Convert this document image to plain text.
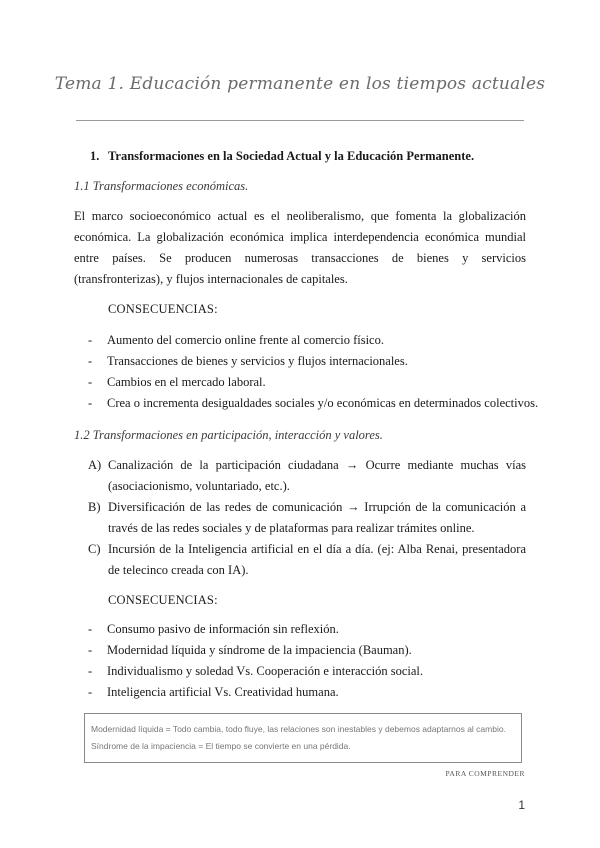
Tema 1. Educación permanente en los tiempos actuales
1. Transformaciones en la Sociedad Actual y la Educación Permanente.
1.1 Transformaciones económicas.
El marco socioeconómico actual es el neoliberalismo, que fomenta la globalización económica. La globalización económica implica interdependencia económica mundial entre países. Se producen numerosas transacciones de bienes y servicios (transfronterizas), y flujos internacionales de capitales.
CONSECUENCIAS:
- Aumento del comercio online frente al comercio físico.
- Transacciones de bienes y servicios y flujos internacionales.
- Cambios en el mercado laboral.
- Crea o incrementa desigualdades sociales y/o económicas en determinados colectivos.
1.2 Transformaciones en participación, interacción y valores.
A) Canalización de la participación ciudadana → Ocurre mediante muchas vías (asociacionismo, voluntariado, etc.).
B) Diversificación de las redes de comunicación → Irrupción de la comunicación a través de las redes sociales y de plataformas para realizar trámites online.
C) Incursión de la Inteligencia artificial en el día a día. (ej: Alba Renai, presentadora de telecinco creada con IA).
CONSECUENCIAS:
- Consumo pasivo de información sin reflexión.
- Modernidad líquida y síndrome de la impaciencia (Bauman).
- Individualismo y soledad Vs. Cooperación e interacción social.
- Inteligencia artificial Vs. Creatividad humana.
Modernidad líquida = Todo cambia, todo fluye, las relaciones son inestables y debemos adaptarnos al cambio.
Síndrome de la impaciencia = El tiempo se convierte en una pérdida.
PARA COMPRENDER
1
